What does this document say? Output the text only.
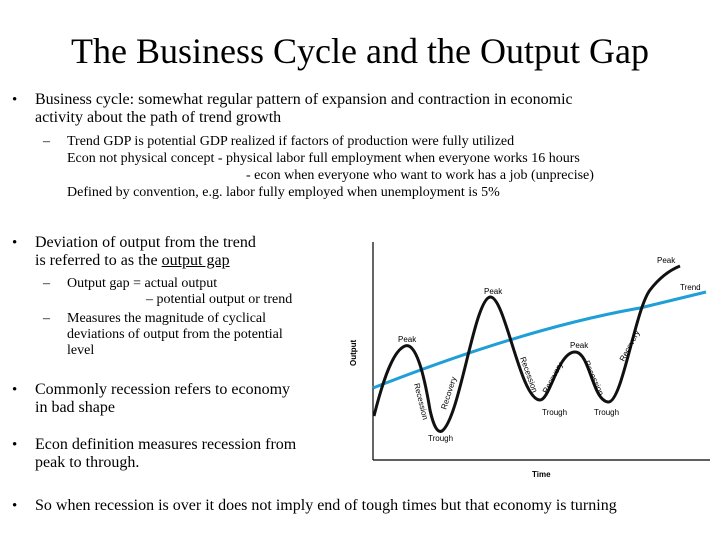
The Business Cycle and the Output Gap
• Business cycle: somewhat regular pattern of expansion and contraction in economic
activity about the path of trend growth
– Trend GDP is potential GDP realized if factors of production were fully utilized
Econ not physical concept - physical labor full employment when everyone works 16 hours
- econ when everyone who want to work has a job (unprecise)
Defined by convention, e.g. labor fully employed when unemployment is 5%
• Deviation of output from the trend
is referred to as the output gap
– Output gap = actual output
– potential output or trend
– Measures the magnitude of cyclical
deviations of output from the potential
level
• Commonly recession refers to economy
in bad shape
• Econ definition measures recession from
peak to through.
• So when recession is over it does not imply end of tough times but that economy is turning
Output
Time
Trend
Peak
Peak
Peak
Peak
Trough
Trough	Trough
Recession Recovery	Recession Recovery Recession
Recovery
